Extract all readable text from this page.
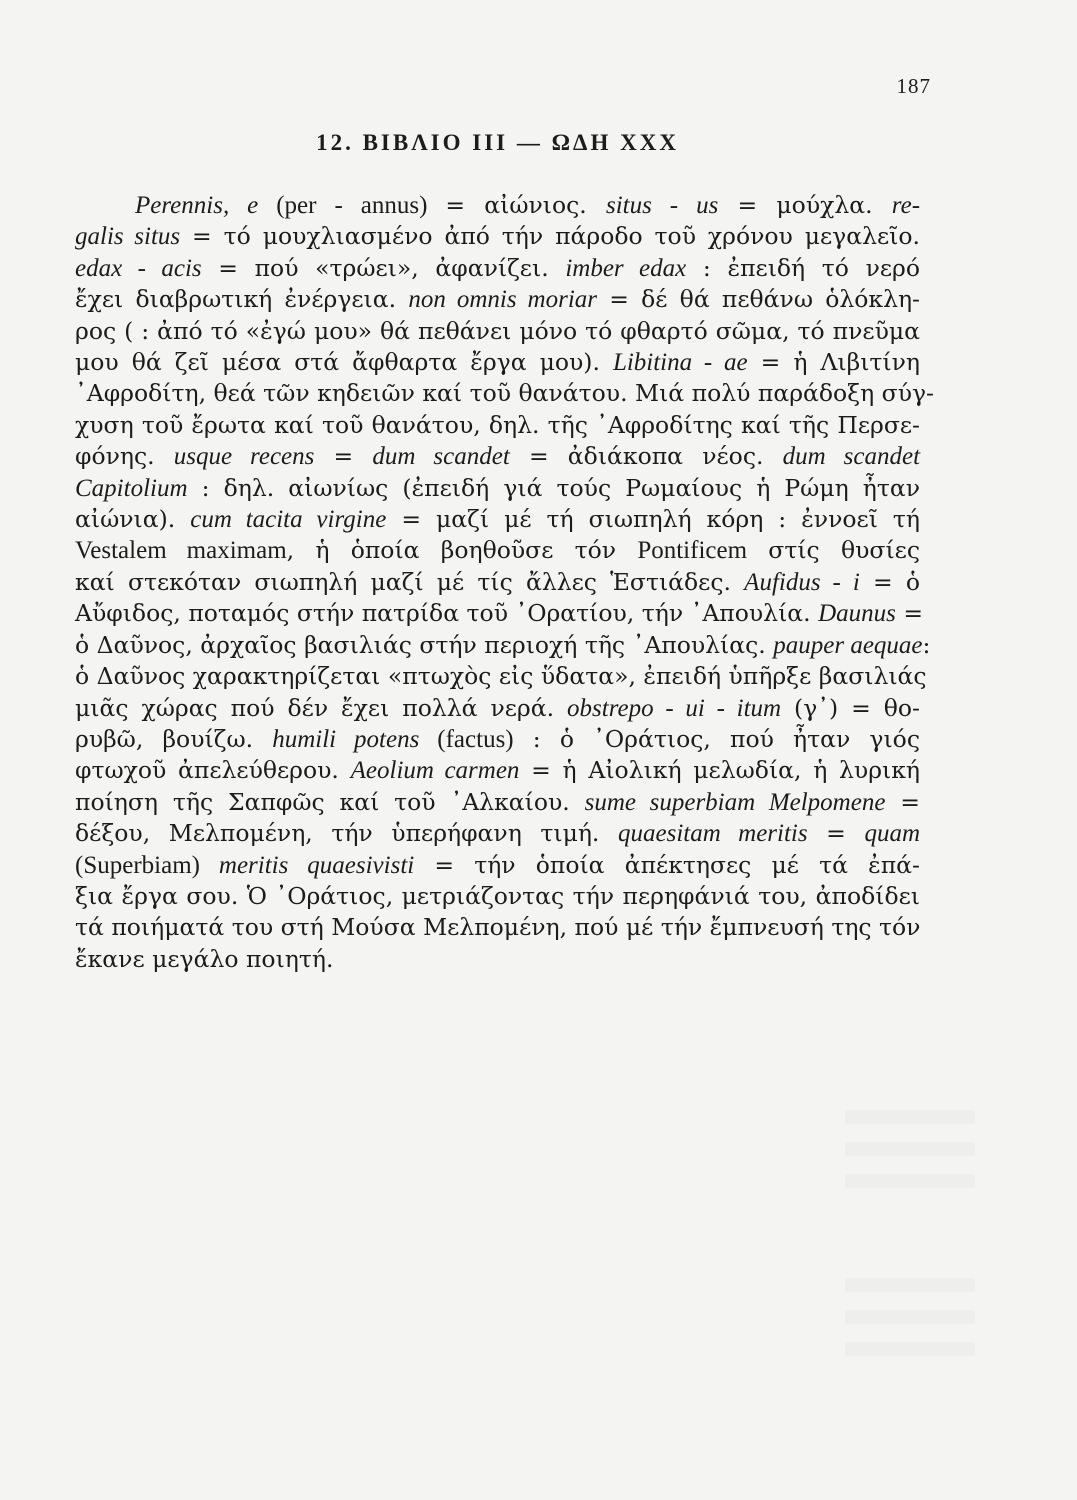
187
12. ΒΙΒΛΙΟ ΙΙΙ — ΩΔΗ XXX
Perennis, e (per - annus) = αἰώνιος. situs - us = μούχλα. re-
galis situs = τό μουχλιασμένο ἀπό τήν πάροδο τοῦ χρόνου μεγαλεῖο.
edax - acis = πού «τρώει», ἀφανίζει. imber edax : ἐπειδή τό νερό
ἔχει διαβρωτική ἐνέργεια. non omnis moriar = δέ θά πεθάνω ὁλόκλη-
ρος ( : ἀπό τό «ἐγώ μου» θά πεθάνει μόνο τό φθαρτό σῶμα, τό πνεῦμα
μου θά ζεῖ μέσα στά ἄφθαρτα ἔργα μου). Libitina - ae = ἡ Λιβιτίνη
᾽Αφροδίτη, θεά τῶν κηδειῶν καί τοῦ θανάτου. Μιά πολύ παράδοξη σύγ-
χυση τοῦ ἔρωτα καί τοῦ θανάτου, δηλ. τῆς ᾽Αφροδίτης καί τῆς Περσε-
φόνης. usque recens = dum scandet = ἀδιάκοπα νέος. dum scandet
Capitolium : δηλ. αἰωνίως (ἐπειδή γιά τούς Ρωμαίους ἡ Ρώμη ἦταν
αἰώνια). cum tacita virgine = μαζί μέ τή σιωπηλή κόρη : ἐννοεῖ τή
Vestalem maximam, ἡ ὁποία βοηθοῦσε τόν Pontificem στίς θυσίες
καί στεκόταν σιωπηλή μαζί μέ τίς ἄλλες Ἑστιάδες. Aufidus - i = ὁ
Αὔφιδος, ποταμός στήν πατρίδα τοῦ ᾽Ορατίου, τήν ᾽Απουλία. Daunus =
ὁ Δαῦνος, ἀρχαῖος βασιλιάς στήν περιοχή τῆς ᾽Απουλίας. pauper aequae:
ὁ Δαῦνος χαρακτηρίζεται «πτωχὸς εἰς ὕδατα», ἐπειδή ὑπῆρξε βασιλιάς
μιᾶς χώρας πού δέν ἔχει πολλά νερά. obstrepo - ui - itum (γ᾽) = θο-
ρυβῶ, βουίζω. humili potens (factus) : ὁ ᾽Οράτιος, πού ἦταν γιός
φτωχοῦ ἀπελεύθερου. Aeolium carmen = ἡ Αἰολική μελωδία, ἡ λυρική
ποίηση τῆς Σαπφῶς καί τοῦ ᾽Αλκαίου. sume superbiam Melpomene =
δέξου, Μελπομένη, τήν ὑπερήφανη τιμή. quaesitam meritis = quam
(Superbiam) meritis quaesivisti = τήν ὁποία ἀπέκτησες μέ τά ἐπά-
ξια ἔργα σου. Ὁ ᾽Οράτιος, μετριάζοντας τήν περηφάνιά του, ἀποδίδει
τά ποιήματά του στή Μούσα Μελπομένη, πού μέ τήν ἔμπνευσή της τόν
ἔκανε μεγάλο ποιητή.
